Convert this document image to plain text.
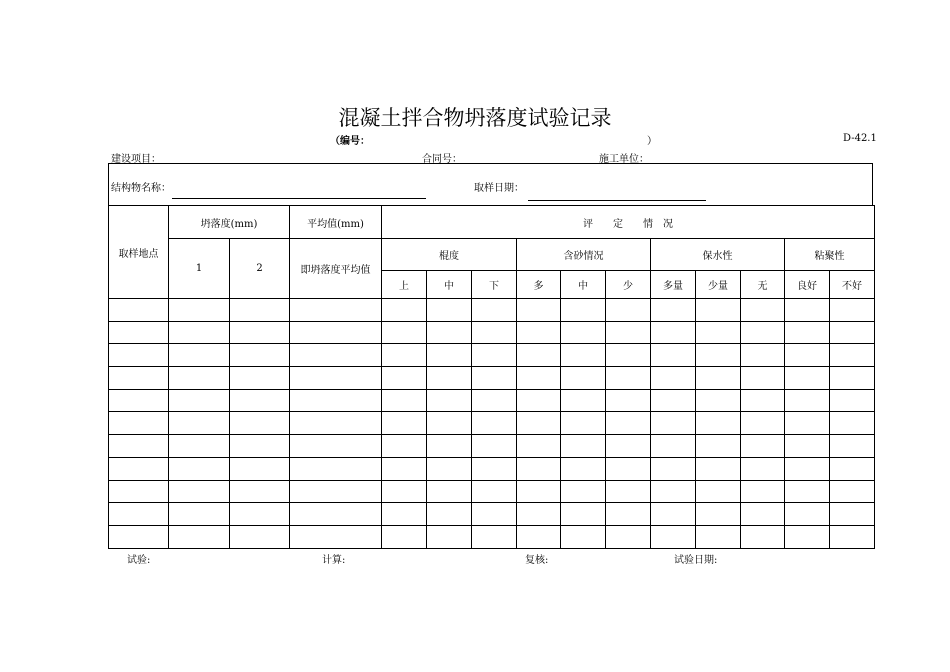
混凝土拌合物坍落度试验记录
（编号：	）	D-42.1
建设项目：	合同号：	施工单位：
结构物名称：	取样日期：
取样地点	坍落度(mm)		平均值(mm)	评　　定　　情　况										
	1	2	即坍落度平均值	棍度			含砂情况			保水性			粘聚性	
				上	中	下	多	中	少	多量	少量	无	良好	不好

试验:	计算:	复核:	试验日期:
